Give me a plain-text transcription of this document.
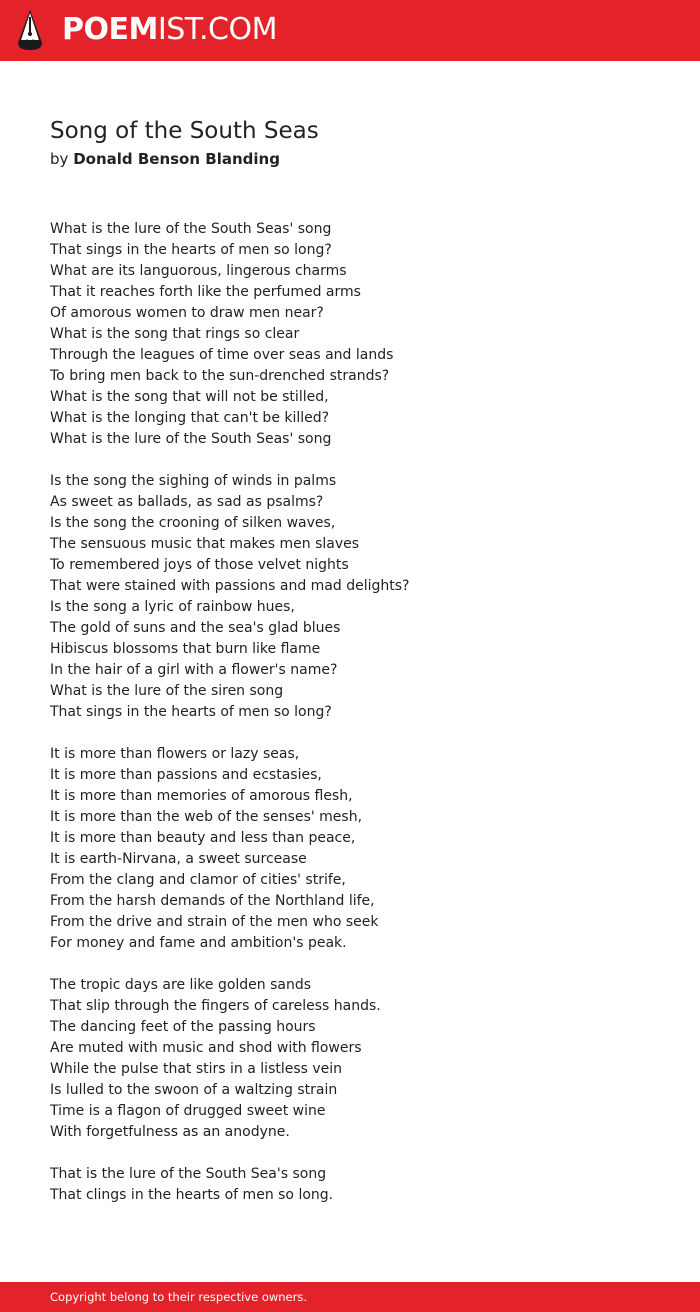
POEMIST.COM
Song of the South Seas
by Donald Benson Blanding
What is the lure of the South Seas' song
That sings in the hearts of men so long?
What are its languorous, lingerous charms
That it reaches forth like the perfumed arms
Of amorous women to draw men near?
What is the song that rings so clear
Through the leagues of time over seas and lands
To bring men back to the sun-drenched strands?
What is the song that will not be stilled,
What is the longing that can't be killed?
What is the lure of the South Seas' song
Is the song the sighing of winds in palms
As sweet as ballads, as sad as psalms?
Is the song the crooning of silken waves,
The sensuous music that makes men slaves
To remembered joys of those velvet nights
That were stained with passions and mad delights?
Is the song a lyric of rainbow hues,
The gold of suns and the sea's glad blues
Hibiscus blossoms that burn like flame
In the hair of a girl with a flower's name?
What is the lure of the siren song
That sings in the hearts of men so long?
It is more than flowers or lazy seas,
It is more than passions and ecstasies,
It is more than memories of amorous flesh,
It is more than the web of the senses' mesh,
It is more than beauty and less than peace,
It is earth-Nirvana, a sweet surcease
From the clang and clamor of cities' strife,
From the harsh demands of the Northland life,
From the drive and strain of the men who seek
For money and fame and ambition's peak.
The tropic days are like golden sands
That slip through the fingers of careless hands.
The dancing feet of the passing hours
Are muted with music and shod with flowers
While the pulse that stirs in a listless vein
Is lulled to the swoon of a waltzing strain
Time is a flagon of drugged sweet wine
With forgetfulness as an anodyne.
That is the lure of the South Sea's song
That clings in the hearts of men so long.
Copyright belong to their respective owners.
